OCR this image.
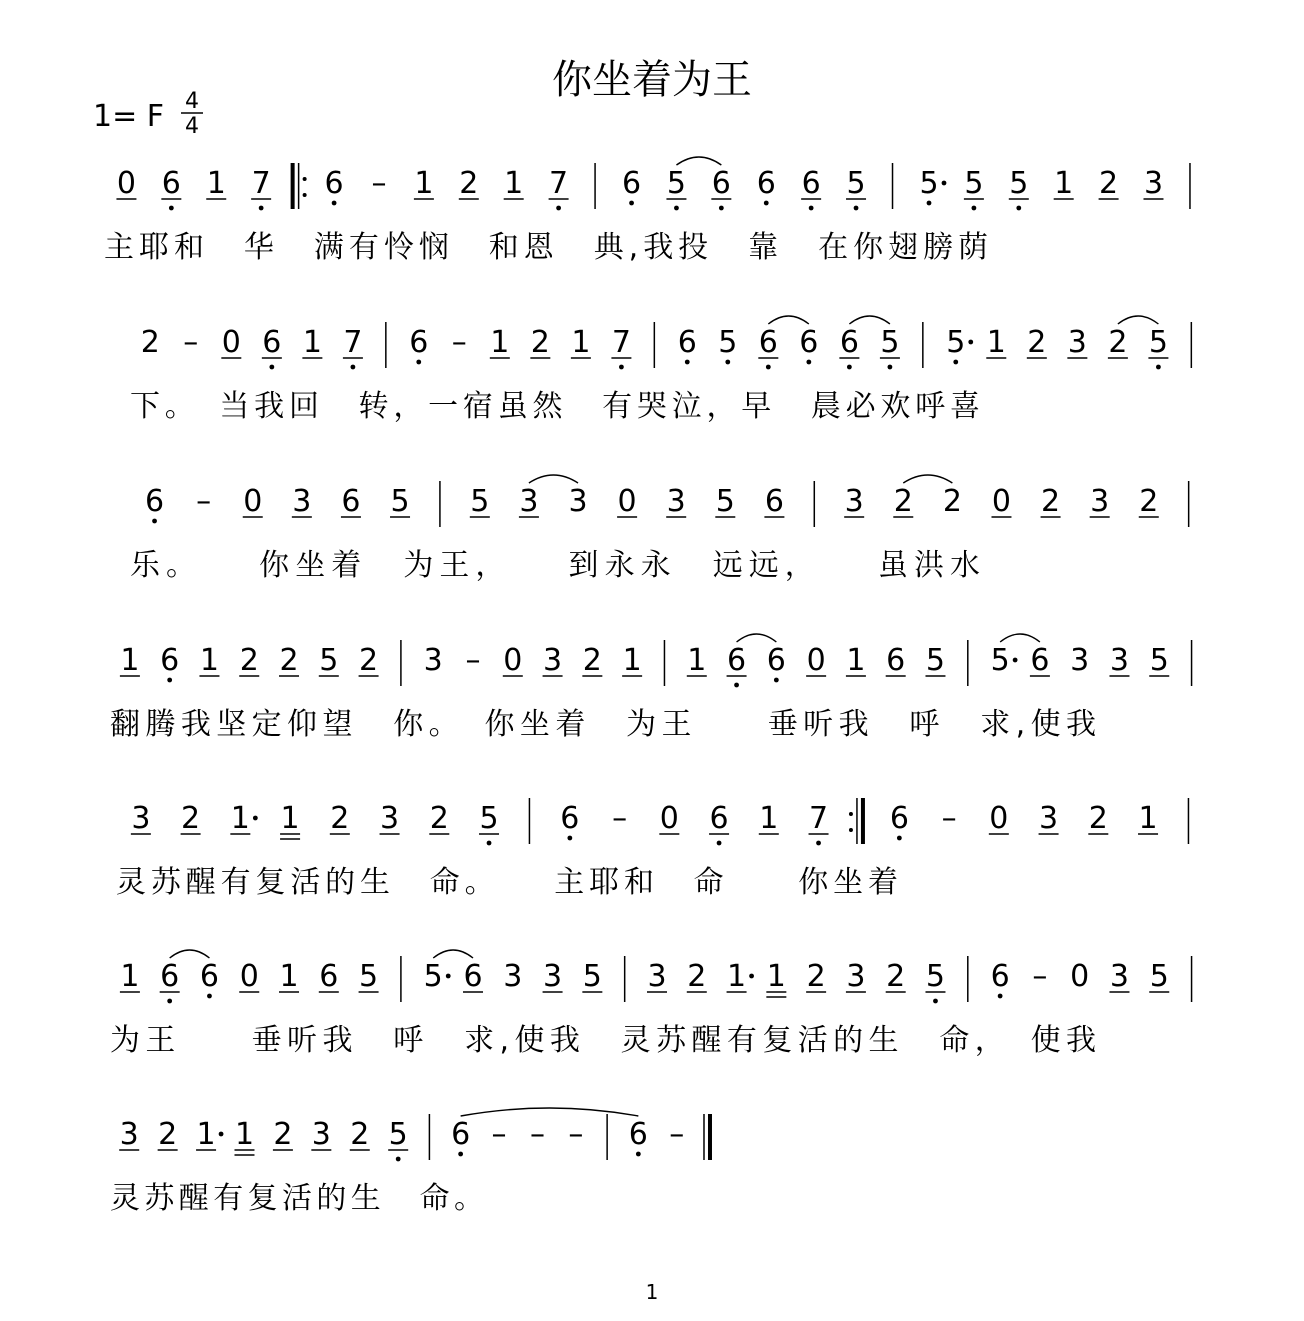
你坐着为王
1= F 4
4
0 6 1 7 6 – 1 2 1 7 6 5 6 6 6 5 5 5 5 1 2 3
主耶和　华　满有怜悯　和恩　典,我投　靠　在你翅膀荫
2 – 0 6 1 7 6 – 1 2 1 7 6 5 6 6 6 5 5 1 2 3 2 5
下。　当我回　转，一宿虽然　有哭泣，早　晨必欢呼喜
6 – 0 3 6 5 5 3 3 0 3 5 6 3 2 2 0 2 3 2
乐。　　你坐着　为王，　　到永永　远远，　　虽洪水
1 6 1 2 2 5 2 3 – 0 3 2 1 1 6 6 0 1 6 5 5 6 3 3 5
翻腾我坚定仰望　你。　你坐着　为王　　垂听我　呼　求,使我
3 2 1 1 2 3 2 5 6 – 0 6 1 7 6 – 0 3 2 1
灵苏醒有复活的生　命。　　主耶和　命　　你坐着
1 6 6 0 1 6 5 5 6 3 3 5 3 2 1 1 2 3 2 5 6 – 0 3 5
为王　　垂听我　呼　求,使我　灵苏醒有复活的生　命，　使我
3 2 1 1 2 3 2 5 6 – – – 6 –
灵苏醒有复活的生　命。
1
